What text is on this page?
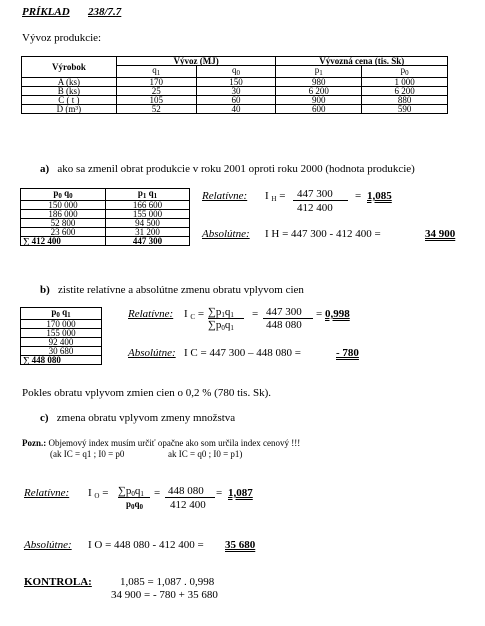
PRÍKLAD 238/7.7
Vývoz produkcie:
Výrobok	Vývoz (MJ)		Vývozná cena (tis. Sk)	
	$q_1$	$q_0$	$p_1$	$p_0$
A (ks)	170	150	980	1 000
B (ks)	25	30	6 200	6 200
C ( t )	105	60	900	880
D (m³)	52	40	600	590
a) ako sa zmenil obrat produkcie v roku 2001 oproti roku 2000 (hodnota produkcie)
$p_0$ $q_0$	$p_1$ $q_1$
150 000	166 600
186 000	155 000
52 800	94 500
23 600	31 200
∑ 412 400	447 300
Relatívne: I $_H$ = 447 300
412 400
= 1,085
Absolútne: I H = 447 300 - 412 400 =	34 900
b) zistite relatívne a absolútne zmenu obratu vplyvom cien
$p_0$ $q_1$
170 000
155 000
92 400
30 680
∑ 448 080
Relatívne: I $_C = \sum p_1q_1$
$\sum p_0q_1$
= 447 300
448 080
= 0,998
Absolútne: I C = 447 300 – 448 080 =	- 780
Pokles obratu vplyvom zmien cien o 0,2 % (780 tis. Sk).
c) zmena obratu vplyvom zmeny množstva
Pozn.: Objemový index musím určiť opačne ako som určila index cenový !!!
(ak IC = q1 ; I0 = p0	ak IC = q0 ; I0 = p1)
Relatívne: I $_O = \sum p_0q_1$
$p_0q_0$
= 448 080
412 400
= 1,087
Absolútne: I O = 448 080 - 412 400 = 35 680
KONTROLA:	1,085 = 1,087 . 0,998
34 900 = - 780 + 35 680
